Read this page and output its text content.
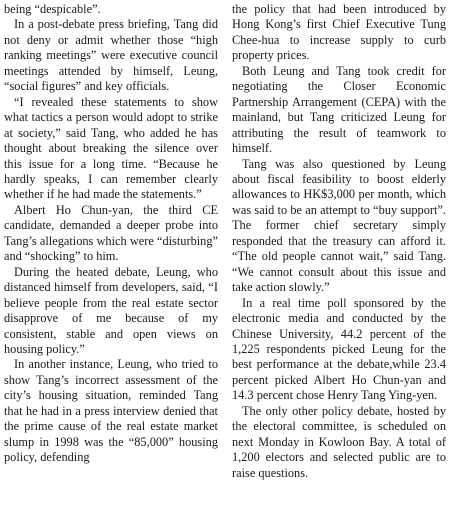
being “despicable”.

In a post-debate press briefing, Tang did not deny or admit whether those “high ranking meetings” were executive council meetings attended by himself, Leung, “social figures” and key officials.

“I revealed these statements to show what tactics a person would adopt to strike at society,” said Tang, who added he has thought about breaking the silence over this issue for a long time. “Because he hardly speaks, I can remember clearly whether if he had made the statements.”

Albert Ho Chun-yan, the third CE candidate, demanded a deeper probe into Tang’s allegations which were “disturbing” and “shocking” to him.

During the heated debate, Leung, who distanced himself from developers, said, “I believe people from the real estate sector disapprove of me because of my consistent, stable and open views on housing policy.”

In another instance, Leung, who tried to show Tang’s incorrect assessment of the city’s housing situation, reminded Tang that he had in a press interview denied that the prime cause of the real estate market slump in 1998 was the “85,000” housing policy, defending

the policy that had been introduced by Hong Kong’s first Chief Executive Tung Chee-hua to increase supply to curb property prices.

Both Leung and Tang took credit for negotiating the Closer Economic Partnership Arrangement (CEPA) with the mainland, but Tang criticized Leung for attributing the result of teamwork to himself.

Tang was also questioned by Leung about fiscal feasibility to boost elderly allowances to HK$3,000 per month, which was said to be an attempt to “buy support”. The former chief secretary simply responded that the treasury can afford it. “The old people cannot wait,” said Tang. “We cannot consult about this issue and take action slowly.”

In a real time poll sponsored by the electronic media and conducted by the Chinese University, 44.2 percent of the 1,225 respondents picked Leung for the best performance at the debate,while 23.4 percent picked Albert Ho Chun-yan and 14.3 percent chose Henry Tang Ying-yen.

The only other policy debate, hosted by the electoral committee, is scheduled on next Monday in Kowloon Bay. A total of 1,200 electors and selected public are to raise questions.
